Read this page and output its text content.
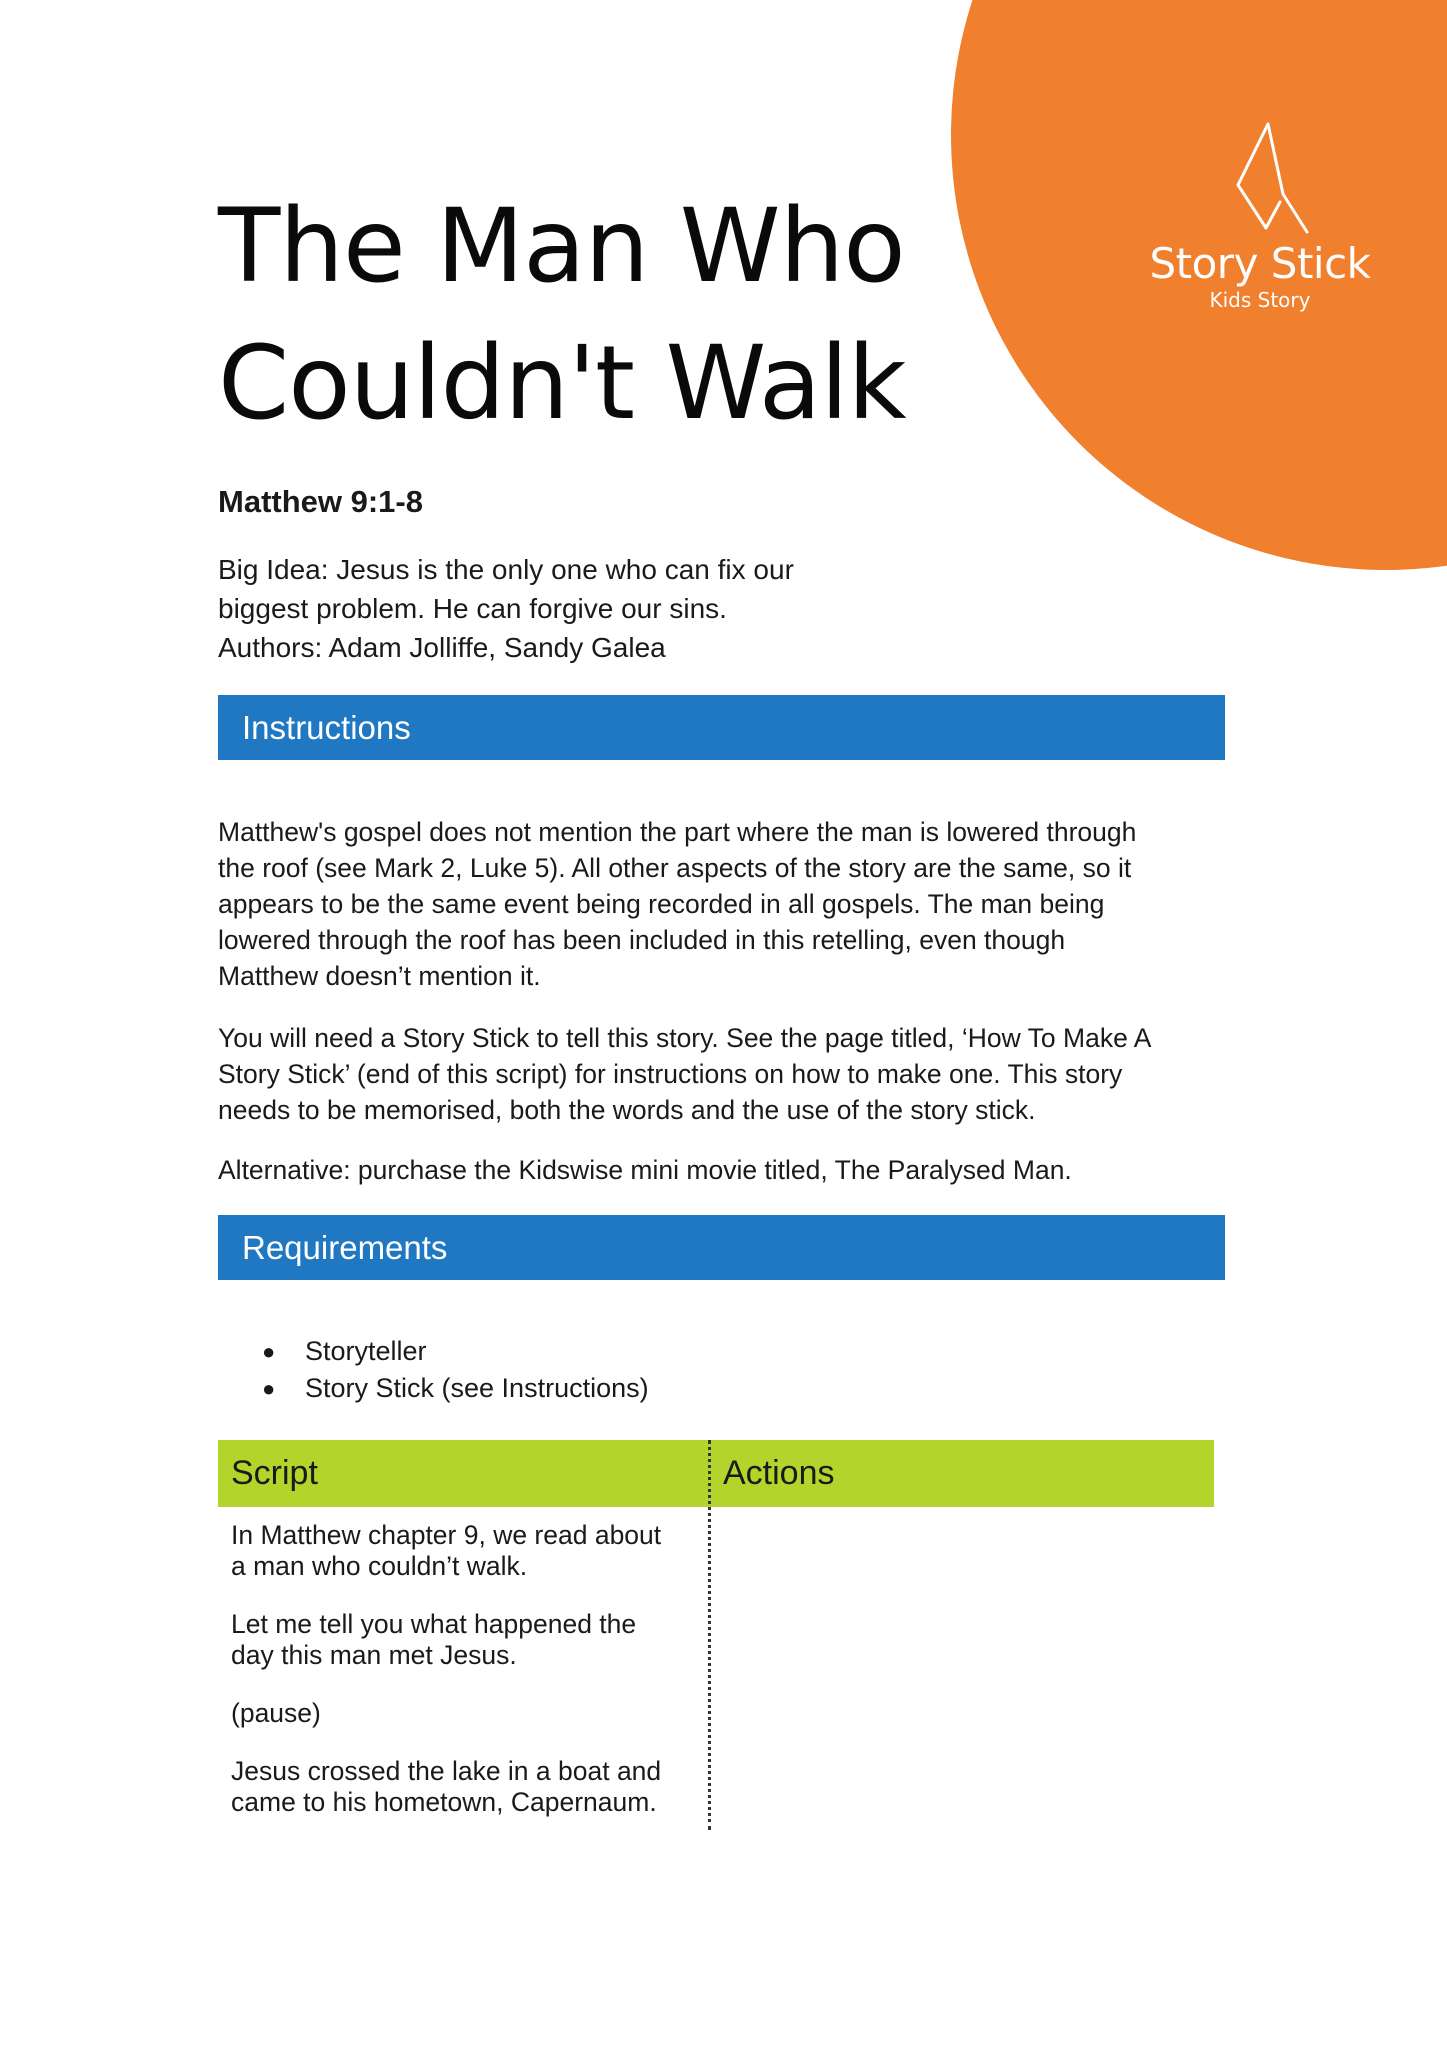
Story Stick
Kids Story
The Man Who
Couldn't Walk
Matthew 9:1-8
Big Idea: Jesus is the only one who can fix our
biggest problem. He can forgive our sins.
Authors: Adam Jolliffe, Sandy Galea
Instructions
Matthew's gospel does not mention the part where the man is lowered through
the roof (see Mark 2, Luke 5). All other aspects of the story are the same, so it
appears to be the same event being recorded in all gospels. The man being
lowered through the roof has been included in this retelling, even though
Matthew doesn’t mention it.
You will need a Story Stick to tell this story. See the page titled, ‘How To Make A
Story Stick’ (end of this script) for instructions on how to make one. This story
needs to be memorised, both the words and the use of the story stick.
Alternative: purchase the Kidswise mini movie titled, The Paralysed Man.
Requirements
● Storyteller
● Story Stick (see Instructions)
Script	Actions

In Matthew chapter 9, we read about
a man who couldn’t walk.

Let me tell you what happened the
day this man met Jesus.

(pause)

Jesus crossed the lake in a boat and
came to his hometown, Capernaum.
